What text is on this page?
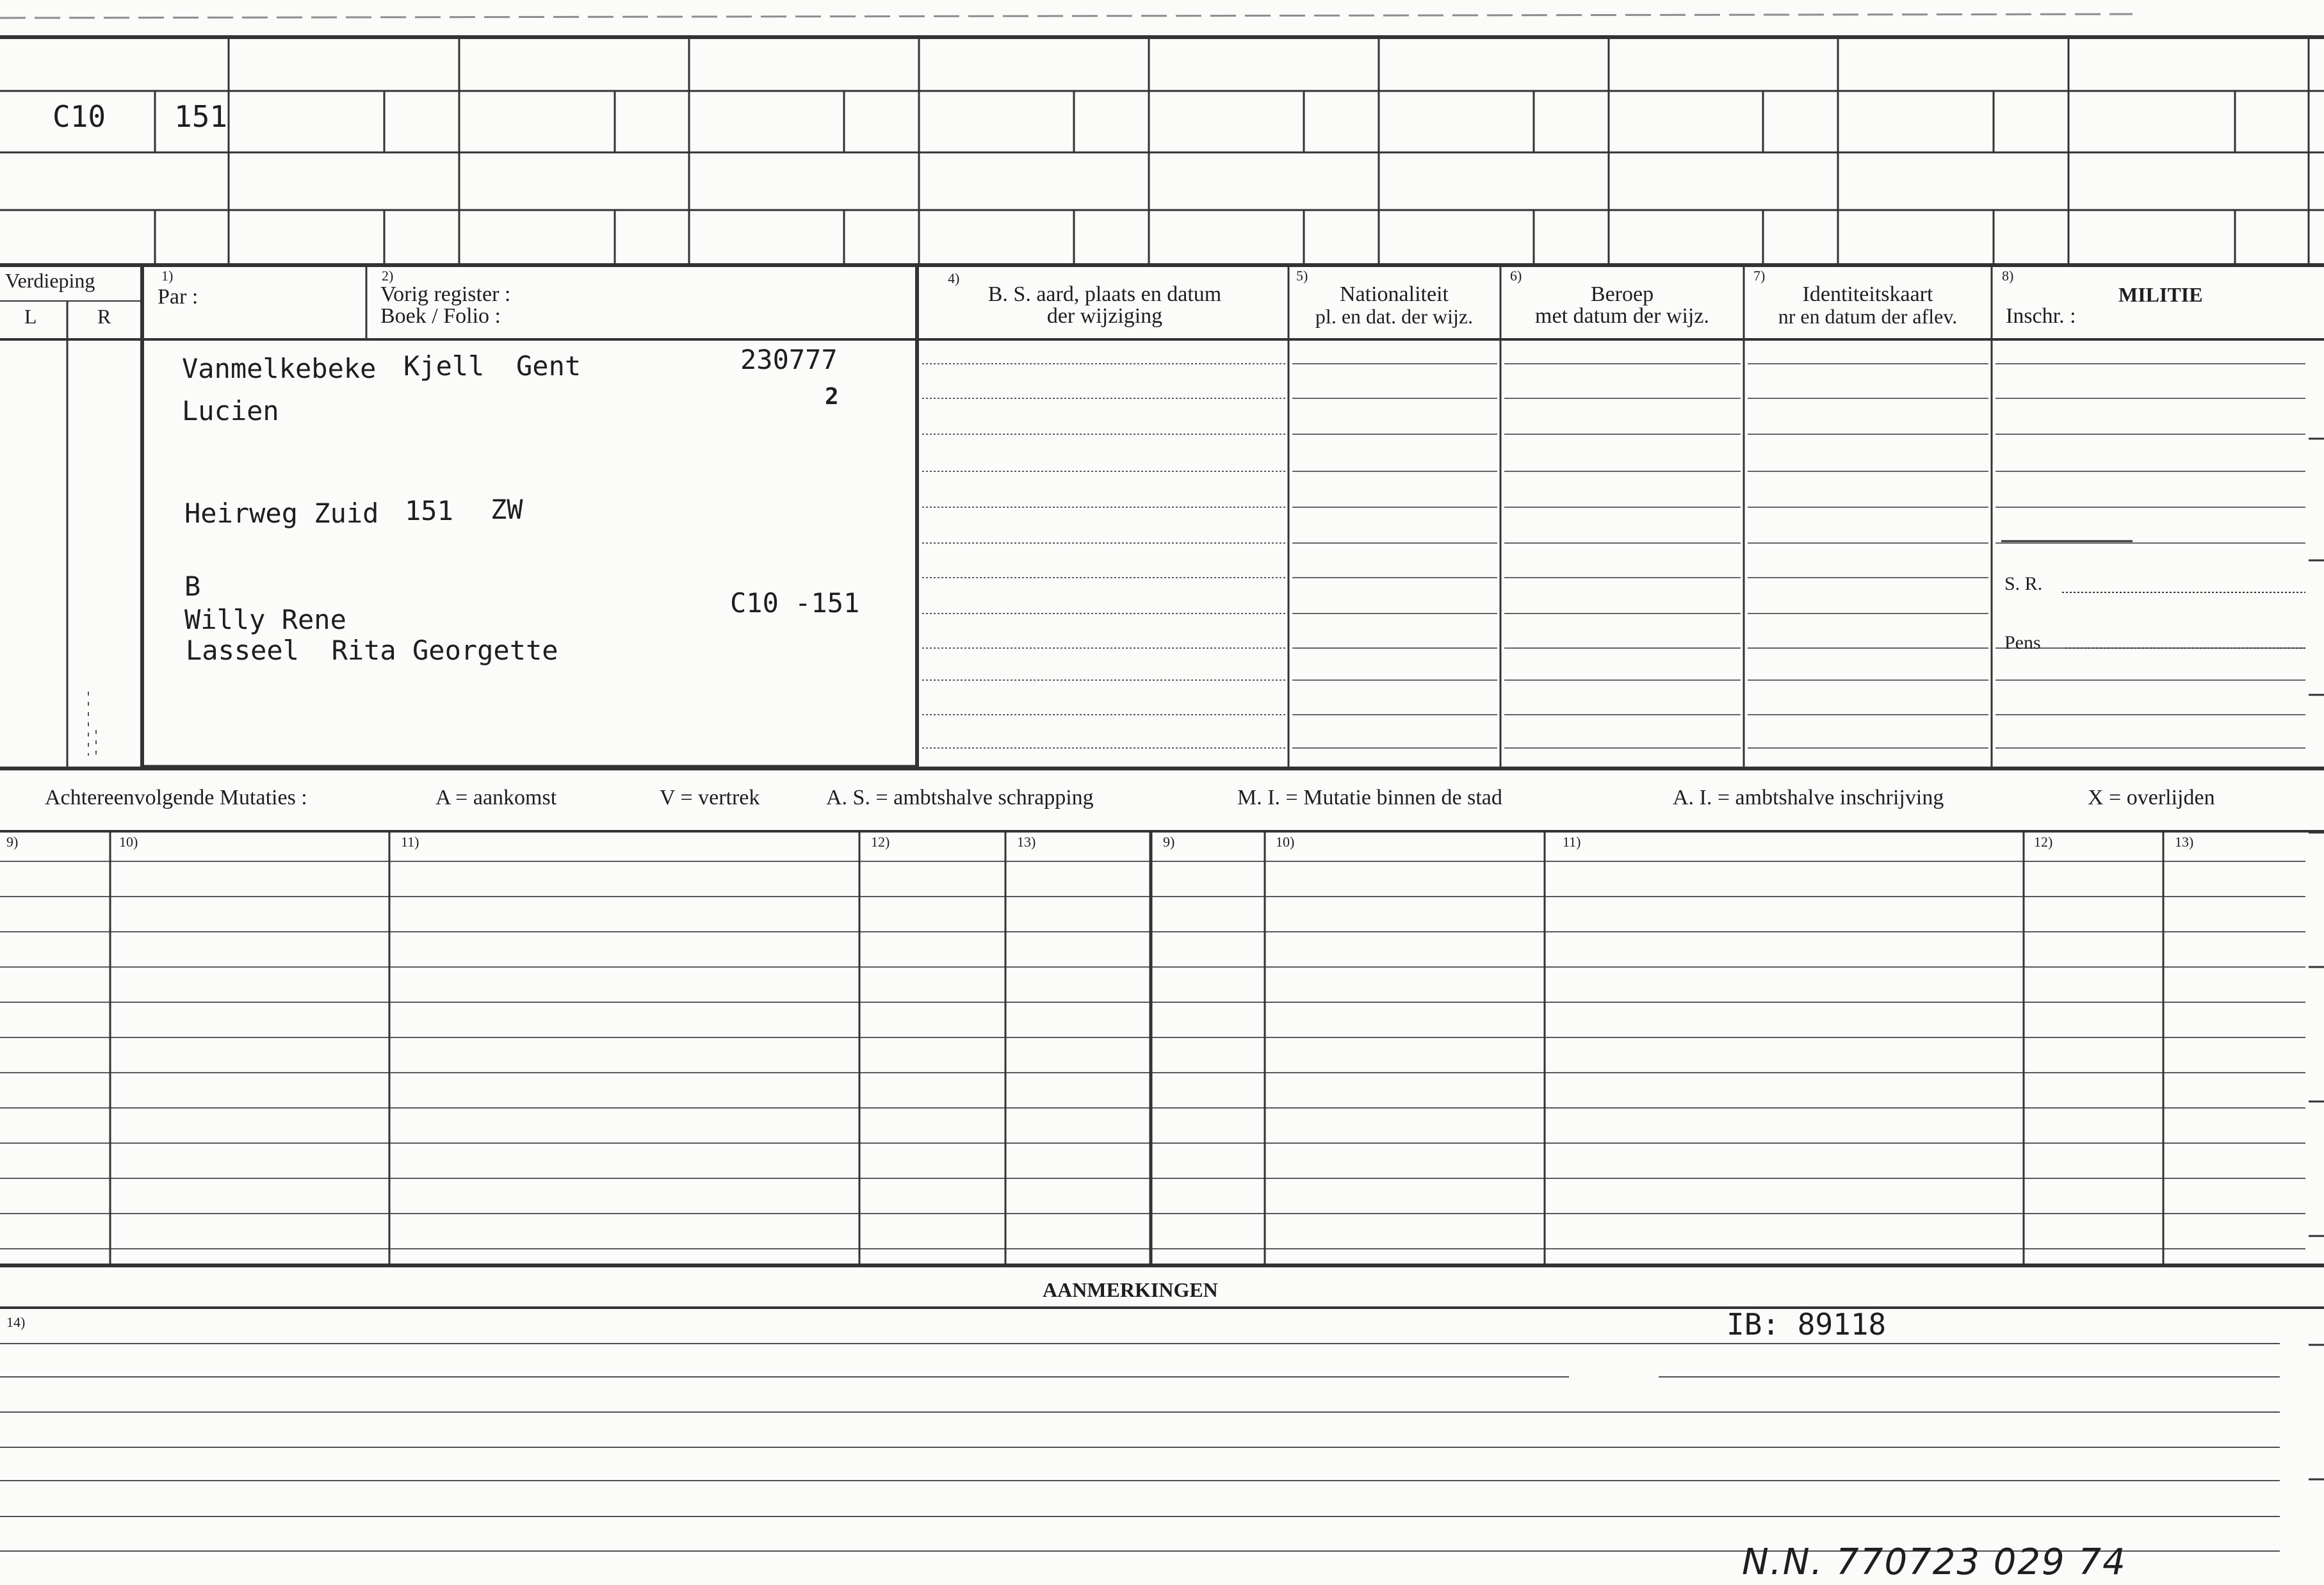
C10 151
Verdieping
L	R
1)
Par :
2)
Vorig register :
Boek / Folio :
4)
B. S. aard, plaats en datum
der wijziging
5)
Nationaliteit
pl. en dat. der wijz.
6)
Beroep
met datum der wijz.
7)
Identiteitskaart
nr en datum der aflev.
8)
MILITIE
Inschr. :
S. R.
Pens
Vanmelkebeke Kjell Gent	230777
2
Lucien
Heirweg Zuid 151 ZW
B
Willy Rene
Lasseel  Rita Georgette
C10 -151
Achtereenvolgende Mutaties :	A = aankomst	V = vertrek	A. S. = ambtshalve schrapping	M. I. = Mutatie binnen de stad	A. I. = ambtshalve inschrijving	X = overlijden
9)	10)	11)	12)	13)	9)	10)	11)	12)	13)
AANMERKINGEN
14)	IB: 89118
N.N. 770723 029 74
